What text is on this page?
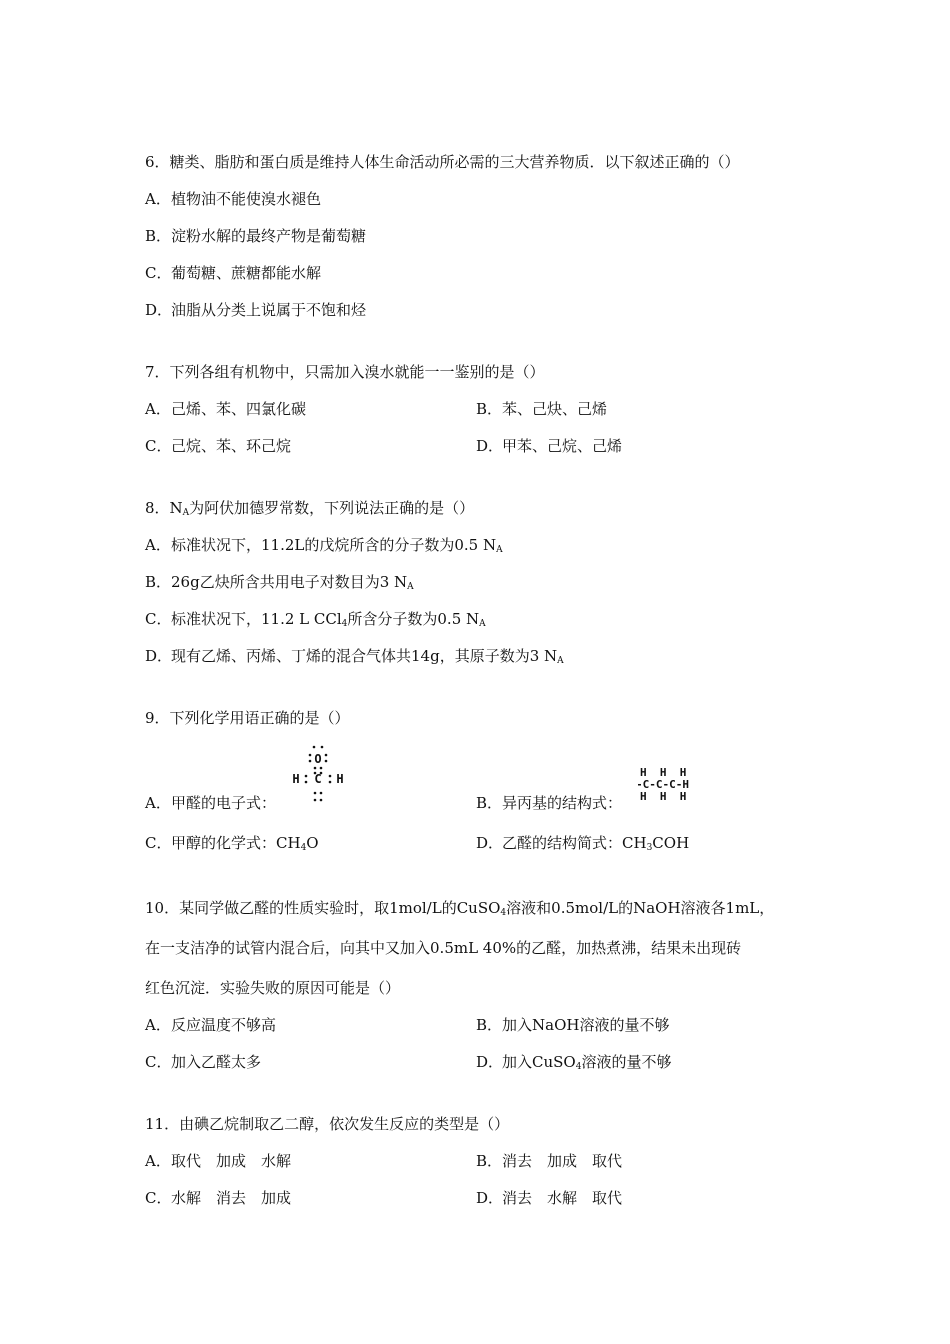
6．糖类、脂肪和蛋白质是维持人体生命活动所必需的三大营养物质．以下叙述正确的（）
A．植物油不能使溴水褪色
B．淀粉水解的最终产物是葡萄糖
C．葡萄糖、蔗糖都能水解
D．油脂从分类上说属于不饱和烃
7．下列各组有机物中，只需加入溴水就能一一鉴别的是（）
A．己烯、苯、四氯化碳	B．苯、己炔、己烯
C．己烷、苯、环己烷	D．甲苯、己烷、己烯
8．$N_A$为阿伏加德罗常数，下列说法正确的是（）
A．标准状况下，11.2L的戊烷所含的分子数为0.5 $N_A$
B．26g乙炔所含共用电子对数目为3 $N_A$
C．标准状况下，11.2 L CCl$_4$所含分子数为0.5 $N_A$
D．现有乙烯、丙烯、丁烯的混合气体共14g，其原子数为3 $N_A$
9．下列化学用语正确的是（）
A．甲醛的电子式：
O
H C H
B．异丙基的结构式：
H  H  H
-C-C-C-H
H  H  H
C．甲醇的化学式：$CH_4O$	D．乙醛的结构简式：$CH_3COH$
10．某同学做乙醛的性质实验时，取1mol/L的CuSO$_4$溶液和0.5mol/L的NaOH溶液各1mL，
在一支洁净的试管内混合后，向其中又加入0.5mL 40%的乙醛，加热煮沸，结果未出现砖
红色沉淀．实验失败的原因可能是（）
A．反应温度不够高	B．加入NaOH溶液的量不够
C．加入乙醛太多	D．加入CuSO$_4$溶液的量不够
11．由碘乙烷制取乙二醇，依次发生反应的类型是（）
A．取代　加成　水解	B．消去　加成　取代
C．水解　消去　加成	D．消去　水解　取代
